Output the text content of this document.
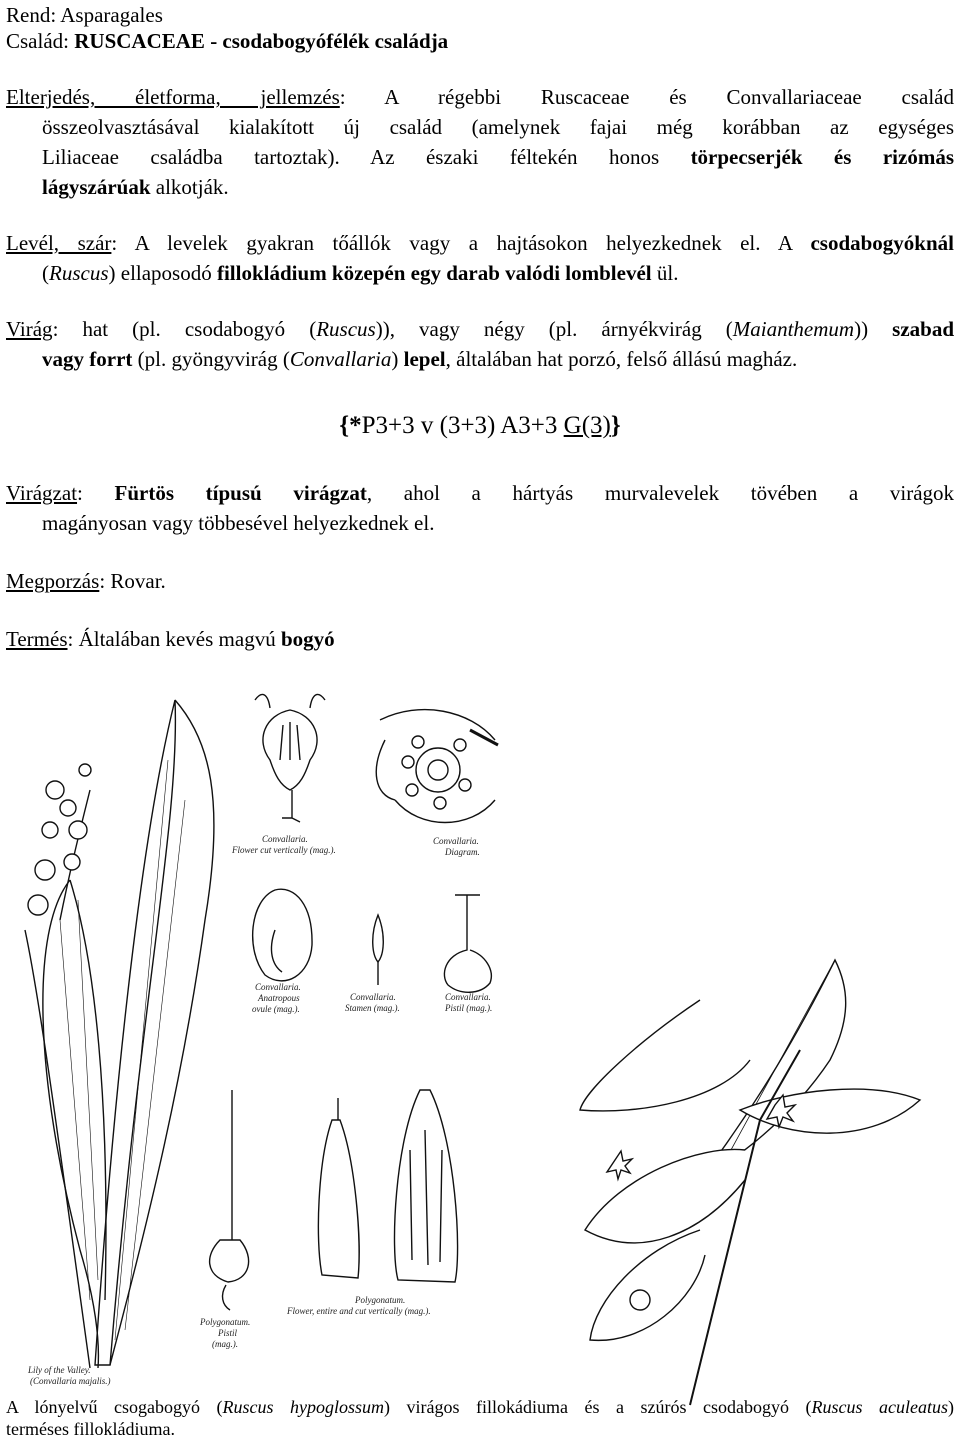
Rend: Asparagales
Család: RUSCACEAE - csodabogyófélék családja
Elterjedés, életforma, jellemzés: A régebbi Ruscaceae és Convallariaceae család
összeolvasztásával kialakított új család (amelynek fajai még korábban az egységes
Liliaceae családba tartoztak). Az északi féltekén honos törpecserjék és rizómás
lágyszárúak alkotják.
Levél, szár: A levelek gyakran tőállók vagy a hajtásokon helyezkednek el. A csodabogyóknál
(Ruscus) ellaposodó fillokládium közepén egy darab valódi lomblevél ül.
Virág: hat (pl. csodabogyó (Ruscus)), vagy négy (pl. árnyékvirág (Maianthemum)) szabad
vagy forrt (pl. gyöngyvirág (Convallaria) lepel, általában hat porzó, felső állású magház.
{*P3+3 v (3+3) A3+3 G(3)}
Virágzat: Fürtös típusú virágzat, ahol a hártyás murvalevelek tövében a virágok
magányosan vagy többesével helyezkednek el.
Megporzás: Rovar.
Termés: Általában kevés magvú bogyó
Convallaria.
Flower cut vertically (mag.).
Convallaria.
Diagram.
Convallaria.
Anatropous
ovule (mag.).
Convallaria.
Stamen (mag.).
Convallaria.
Pistil (mag.).
Polygonatum.
Pistil
(mag.).
Polygonatum.
Flower, entire and cut vertically (mag.).
Lily of the Valley.
(Convallaria majalis.)
A lónyelvű csogabogyó (Ruscus hypoglossum) virágos fillokádiuma és a szúrós csodabogyó (Ruscus aculeatus)
terméses fillokládiuma.
